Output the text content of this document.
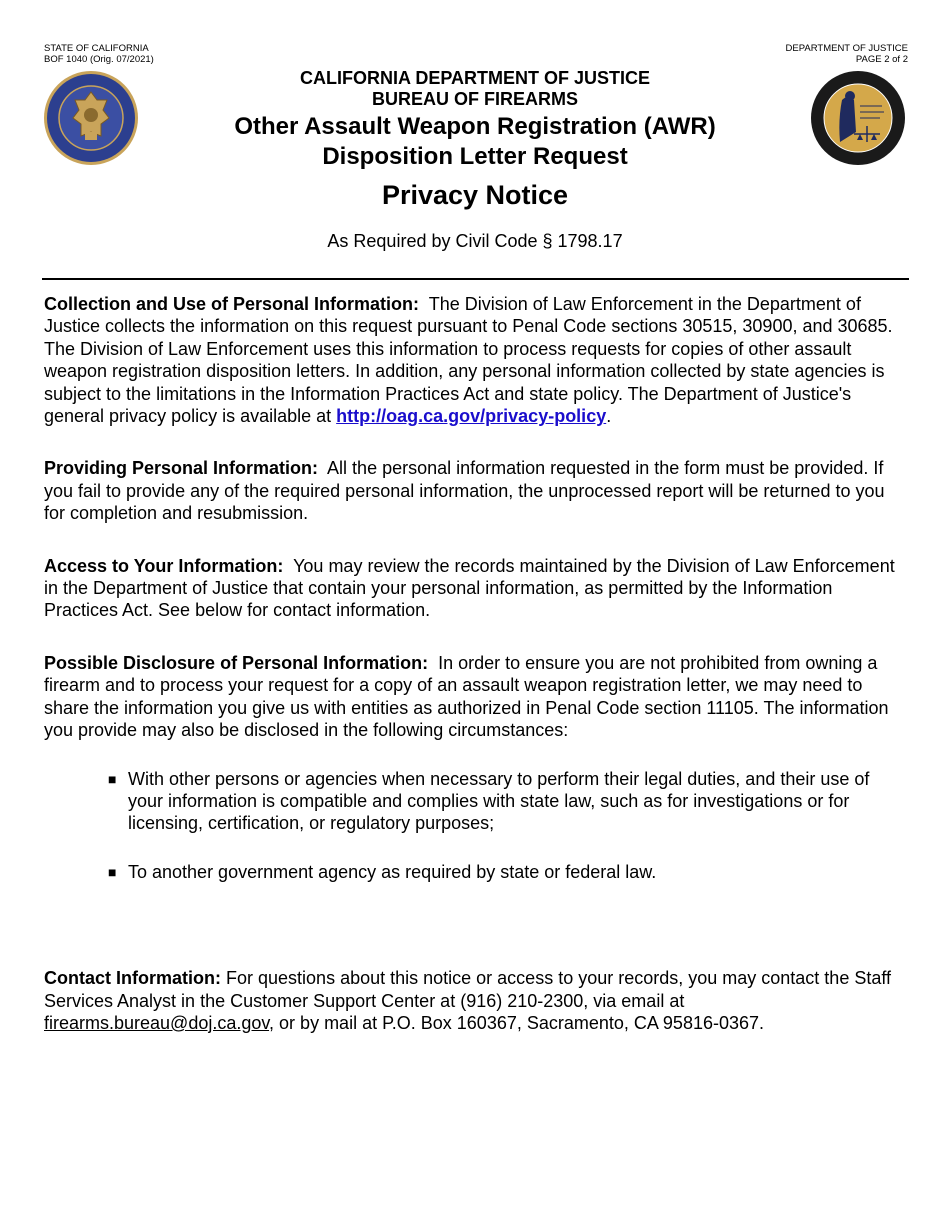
STATE OF CALIFORNIA
BOF 1040 (Orig. 07/2021)
DEPARTMENT OF JUSTICE
PAGE 2 of 2
CALIFORNIA DEPARTMENT OF JUSTICE
BUREAU OF FIREARMS
Other Assault Weapon Registration (AWR)
Disposition Letter Request
Privacy Notice
As Required by Civil Code § 1798.17

Collection and Use of Personal Information: The Division of Law Enforcement in the Department of Justice collects the information on this request pursuant to Penal Code sections 30515, 30900, and 30685. The Division of Law Enforcement uses this information to process requests for copies of other assault weapon registration disposition letters. In addition, any personal information collected by state agencies is subject to the limitations in the Information Practices Act and state policy. The Department of Justice's general privacy policy is available at http://oag.ca.gov/privacy-policy.

Providing Personal Information: All the personal information requested in the form must be provided. If you fail to provide any of the required personal information, the unprocessed report will be returned to you for completion and resubmission.

Access to Your Information: You may review the records maintained by the Division of Law Enforcement in the Department of Justice that contain your personal information, as permitted by the Information Practices Act. See below for contact information.

Possible Disclosure of Personal Information: In order to ensure you are not prohibited from owning a firearm and to process your request for a copy of an assault weapon registration letter, we may need to share the information you give us with entities as authorized in Penal Code section 11105. The information you provide may also be disclosed in the following circumstances:

■ With other persons or agencies when necessary to perform their legal duties, and their use of your information is compatible and complies with state law, such as for investigations or for licensing, certification, or regulatory purposes;
■ To another government agency as required by state or federal law.

Contact Information: For questions about this notice or access to your records, you may contact the Staff Services Analyst in the Customer Support Center at (916) 210-2300, via email at firearms.bureau@doj.ca.gov, or by mail at P.O. Box 160367, Sacramento, CA 95816-0367.
